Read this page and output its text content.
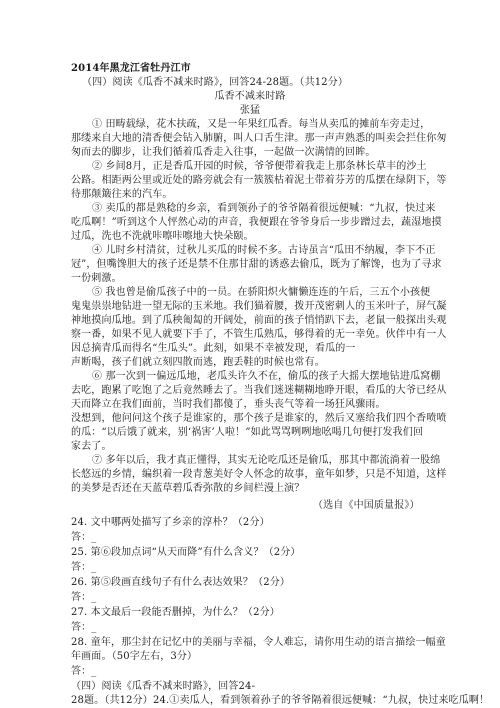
2014年黑龙江省牡丹江市
（四）阅读《瓜香不减来时路》，回答24-28题。（共12分）
瓜香不减来时路
张猛
① 田畴载绿，花木扶疏，又是一年果红瓜香。每当从卖瓜的摊前车旁走过，
那缕来自大地的清香便会钻入肺腑，叫人口舌生津。那一声声熟悉的叫卖会拦住你匆
匆而去的脚步，让我们循着瓜香走入往事，一起做一次满情的回眸。
② 乡间8月，正是香瓜开园的时候，爷爷便带着我走上那条林长草丰的沙土
公路。相距两公里或近处的路旁就会有一簇簇枯着泥土带着芬芳的瓜摆在绿阴下，等
待那颠簸往来的汽车。
③ 卖瓜的都是熟稔的乡亲，看到领孙子的爷爷隔着很远便喊：“九叔，快过来
吃瓜啊！”听到这个人怦然心动的声音，我便跟在爷爷身后一步步蹭过去，蔬湿地摸
过瓜，洗也不洗就咔嚓咔嚓地大快朵颐。
④ 儿时乡村清贫，过秋儿买瓜的时候不多。古诗虽言“瓜田不纳履，李下不正
冠”，但嘴馋胆大的孩子还是禁不住那甘甜的诱惑去偷瓜，既为了解馋，也为了寻求
一份刺激。
⑤ 我也曾是偷瓜孩子中的一员。在骄阳炽火慵懒连连的午后，三五个小孩便
鬼鬼祟祟地钻进一望无际的玉米地。我们猫着腰，拨开茂密刺人的玉米叶子，屏气凝
神地摸向瓜地。到了瓜秧匍匐的开阔处，前面的孩子悄悄趴下去，老鼠一般探出头观
察一番，如果不见人就要下手了，不管生瓜熟瓜，够得着的无一幸免。伙伴中有一人
因总摘青瓜而得名“生瓜头”。此刻，如果不幸被发现，看瓜的一
声断喝，孩子们就立刻四散而逃，跑丢鞋的时候也常有。
⑥ 那一次到一偏远瓜地，老瓜头许久不在，偷瓜的孩子大摇大摆地钻进瓜窝棚
去吃，跑累了吃饱了之后竟然睡去了。当我们迷迷糊糊地睁开眼，看瓜的大爷已经从
天而降立在我们面前，当时我们都傻了，垂头丧气等着一场狂风骤雨。
没想到，他问问这个孩子是谁家的，那个孩子是谁家的，然后又塞给我们四个香喷喷
的瓜：“以后饿了就来，别‘祸害’人啦！”如此骂骂咧咧地吆喝几句便打发我们回
家去了。
⑦ 多年以后，我才真正懂得，其实无论吃瓜还是偷瓜，那其中都流淌着一股绵
长悠远的乡情，编织着一段青葱美好令人怀念的故事，童年如梦，只是不知道，这样
的美梦是否还在天蓝草碧瓜香弥散的乡间栏漫上演？
（选自《中国质量报》）
24. 文中哪两处描写了乡亲的淳朴？（2分）
答：_
25. 第⑥段加点词“从天而降”有什么含义？（2分）
答：_
26. 第⑤段画直线句子有什么表达效果？（2分）
答：_
27. 本文最后一段能否删掉，为什么？（2分）
答：_
28. 童年，那尘封在记忆中的美丽与幸福，令人难忘，请你用生动的语言描绘一幅童
年画面。（50字左右，3分）
答：_
（四）阅读《瓜香不减来时路》，回答24-
28题。（共12分）24.①卖瓜人，看到领着孙子的爷爷隔着很远便喊：“九叔，快过来吃瓜啊！
